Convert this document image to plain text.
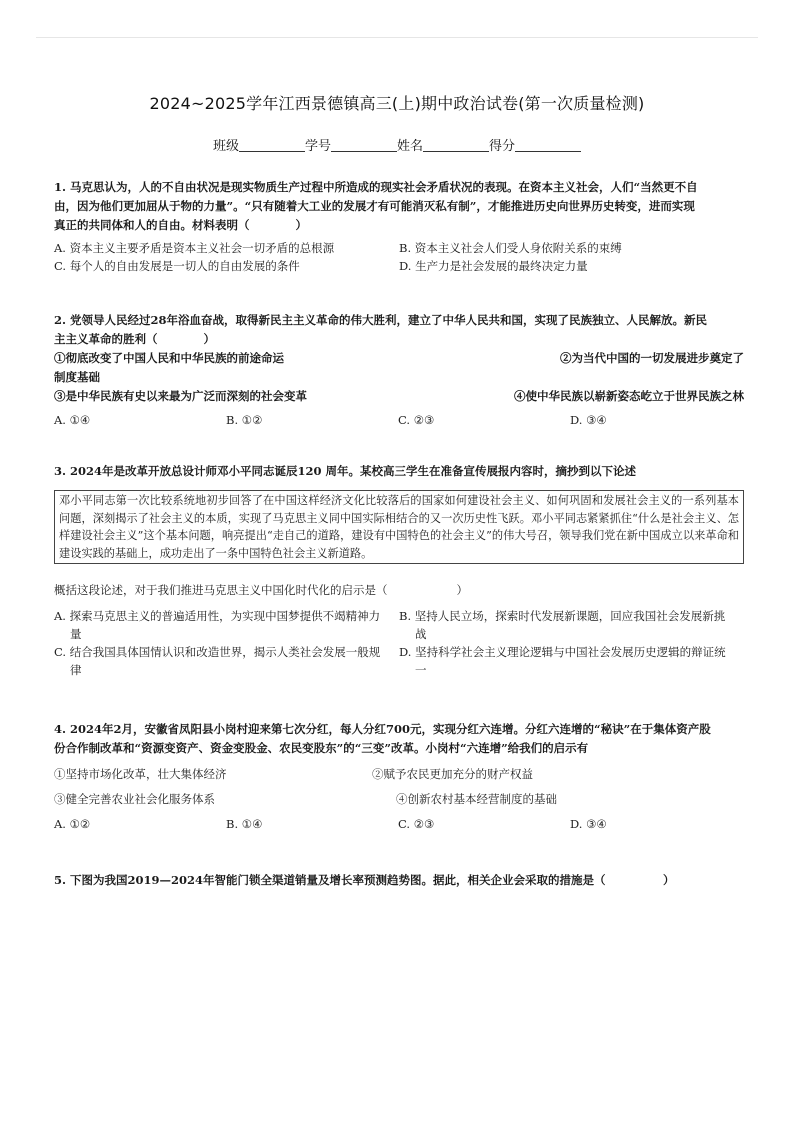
2024~2025学年江西景德镇高三(上)期中政治试卷(第一次质量检测)
班级	学号	姓名	得分
1. 马克思认为，人的不自由状况是现实物质生产过程中所造成的现实社会矛盾状况的表现。在资本主义社会，人们“当然更不自
由，因为他们更加屈从于物的力量”。“只有随着大工业的发展才有可能消灭私有制”，才能推进历史向世界历史转变，进而实现
真正的共同体和人的自由。材料表明（　　　　）
A. 资本主义主要矛盾是资本主义社会一切矛盾的总根源	B. 资本主义社会人们受人身依附关系的束缚
C. 每个人的自由发展是一切人的自由发展的条件	D. 生产力是社会发展的最终决定力量
2. 党领导人民经过28年浴血奋战，取得新民主主义革命的伟大胜利，建立了中华人民共和国，实现了民族独立、人民解放。新民
主主义革命的胜利（　　　　）
①彻底改变了中国人民和中华民族的前途命运	②为当代中国的一切发展进步奠定了
制度基础
③是中华民族有史以来最为广泛而深刻的社会变革	④使中华民族以崭新姿态屹立于世界民族之林
A. ①④	B. ①②	C. ②③	D. ③④
3. 2024年是改革开放总设计师邓小平同志诞辰120 周年。某校高三学生在准备宣传展报内容时，摘抄到以下论述
邓小平同志第一次比较系统地初步回答了在中国这样经济文化比较落后的国家如何建设社会主义、如何巩固和发展社会主义的一系列基本问题，深刻揭示了社会主义的本质，实现了马克思主义同中国实际相结合的又一次历史性飞跃。邓小平同志紧紧抓住“什么是社会主义、怎样建设社会主义”这个基本问题，响亮提出“走自己的道路，建设有中国特色的社会主义”的伟大号召，领导我们党在新中国成立以来革命和建设实践的基础上，成功走出了一条中国特色社会主义新道路。
概括这段论述，对于我们推进马克思主义中国化时代化的启示是（　　　　　　）
A. 探索马克思主义的普遍适用性，为实现中国梦提供不竭精神力量
B. 坚持人民立场，探索时代发展新课题，回应我国社会发展新挑战
C. 结合我国具体国情认识和改造世界，揭示人类社会发展一般规律
D. 坚持科学社会主义理论逻辑与中国社会发展历史逻辑的辩证统一
4. 2024年2月，安徽省凤阳县小岗村迎来第七次分红，每人分红700元，实现分红六连增。分红六连增的“秘诀”在于集体资产股
份合作制改革和“资源变资产、资金变股金、农民变股东”的“三变”改革。小岗村“六连增”给我们的启示有
①坚持市场化改革，壮大集体经济	②赋予农民更加充分的财产权益
③健全完善农业社会化服务体系	④创新农村基本经营制度的基础
A. ①②	B. ①④	C. ②③	D. ③④
5. 下图为我国2019—2024年智能门锁全渠道销量及增长率预测趋势图。据此，相关企业会采取的措施是（　　　　　）
